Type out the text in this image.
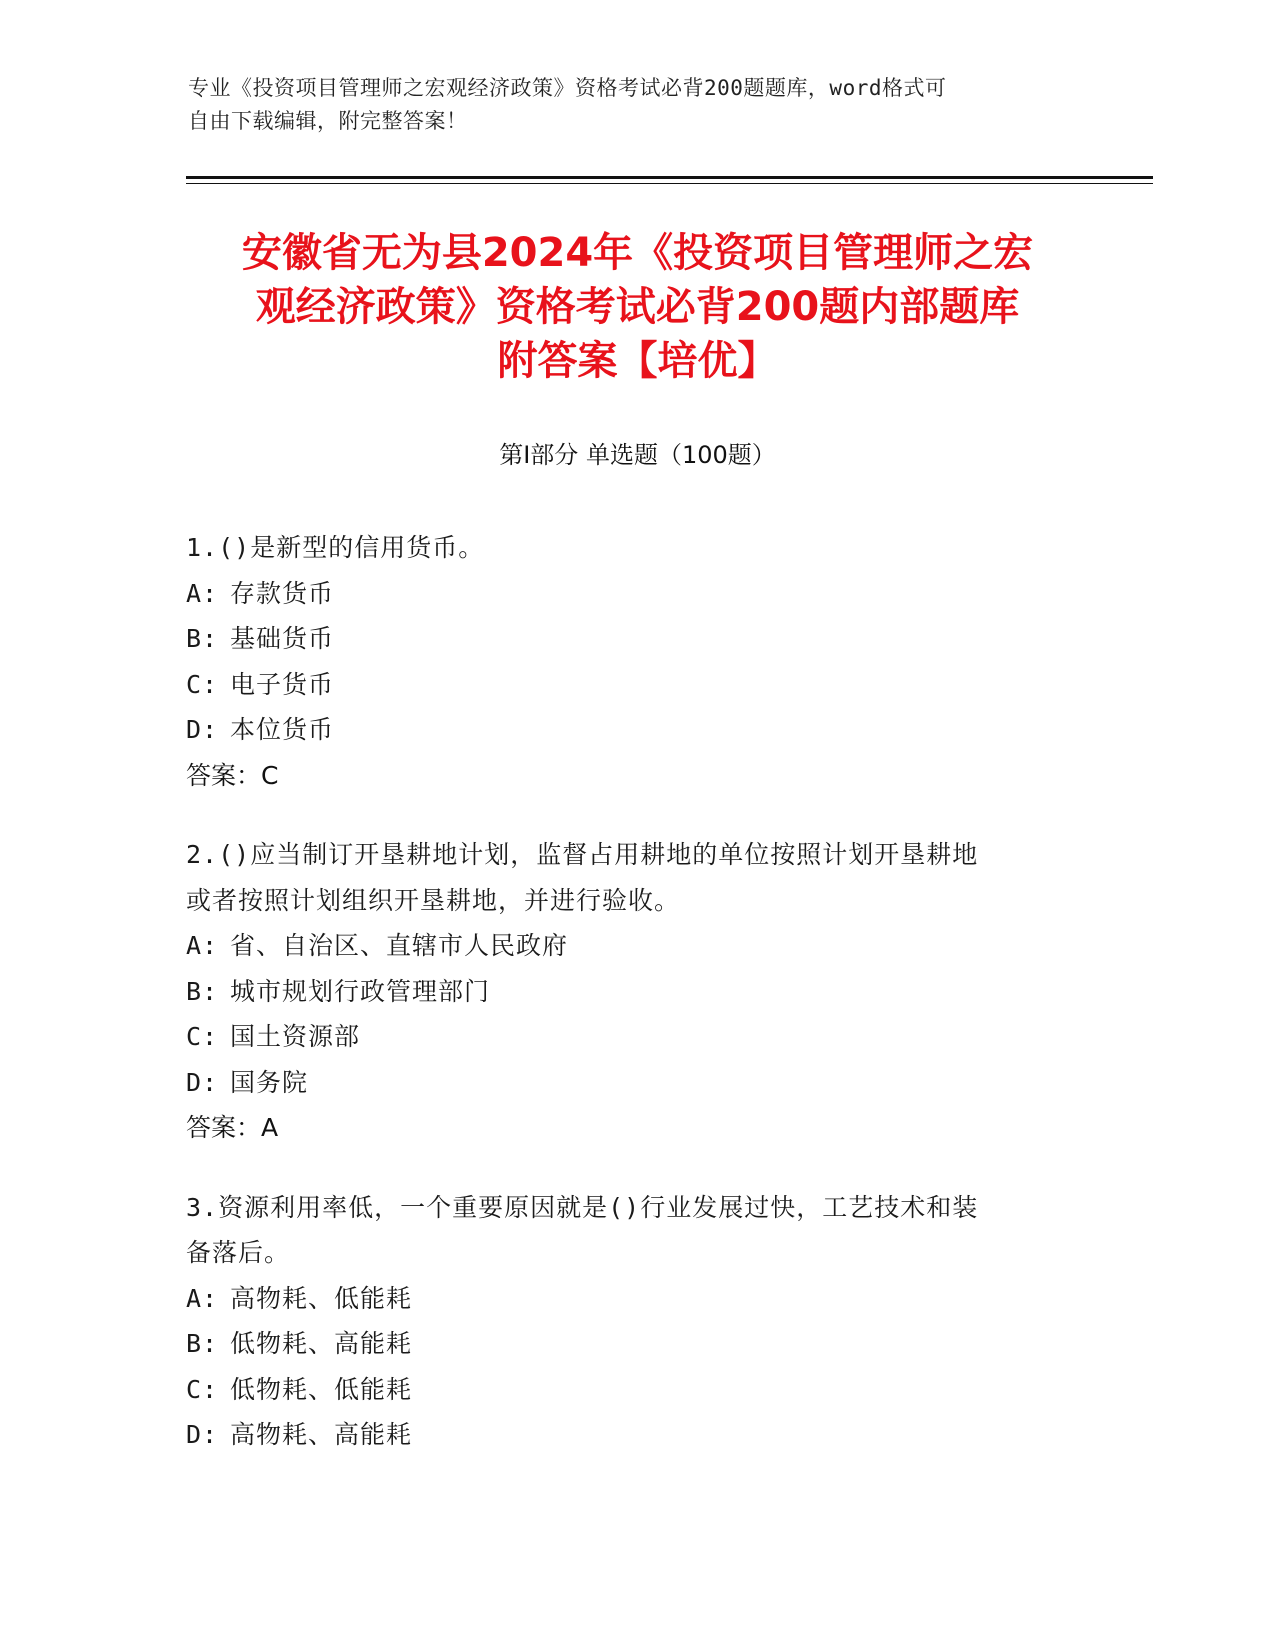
专业《投资项目管理师之宏观经济政策》资格考试必背200题题库，word格式可
自由下载编辑，附完整答案！
安徽省无为县2024年《投资项目管理师之宏
观经济政策》资格考试必背200题内部题库
附答案【培优】
第Ⅰ部分 单选题（100题）
1.()是新型的信用货币。
A: 存款货币
B: 基础货币
C: 电子货币
D: 本位货币
答案：C
2.()应当制订开垦耕地计划，监督占用耕地的单位按照计划开垦耕地
或者按照计划组织开垦耕地，并进行验收。
A: 省、自治区、直辖市人民政府
B: 城市规划行政管理部门
C: 国土资源部
D: 国务院
答案：A
3.资源利用率低，一个重要原因就是()行业发展过快，工艺技术和装
备落后。
A: 高物耗、低能耗
B: 低物耗、高能耗
C: 低物耗、低能耗
D: 高物耗、高能耗
